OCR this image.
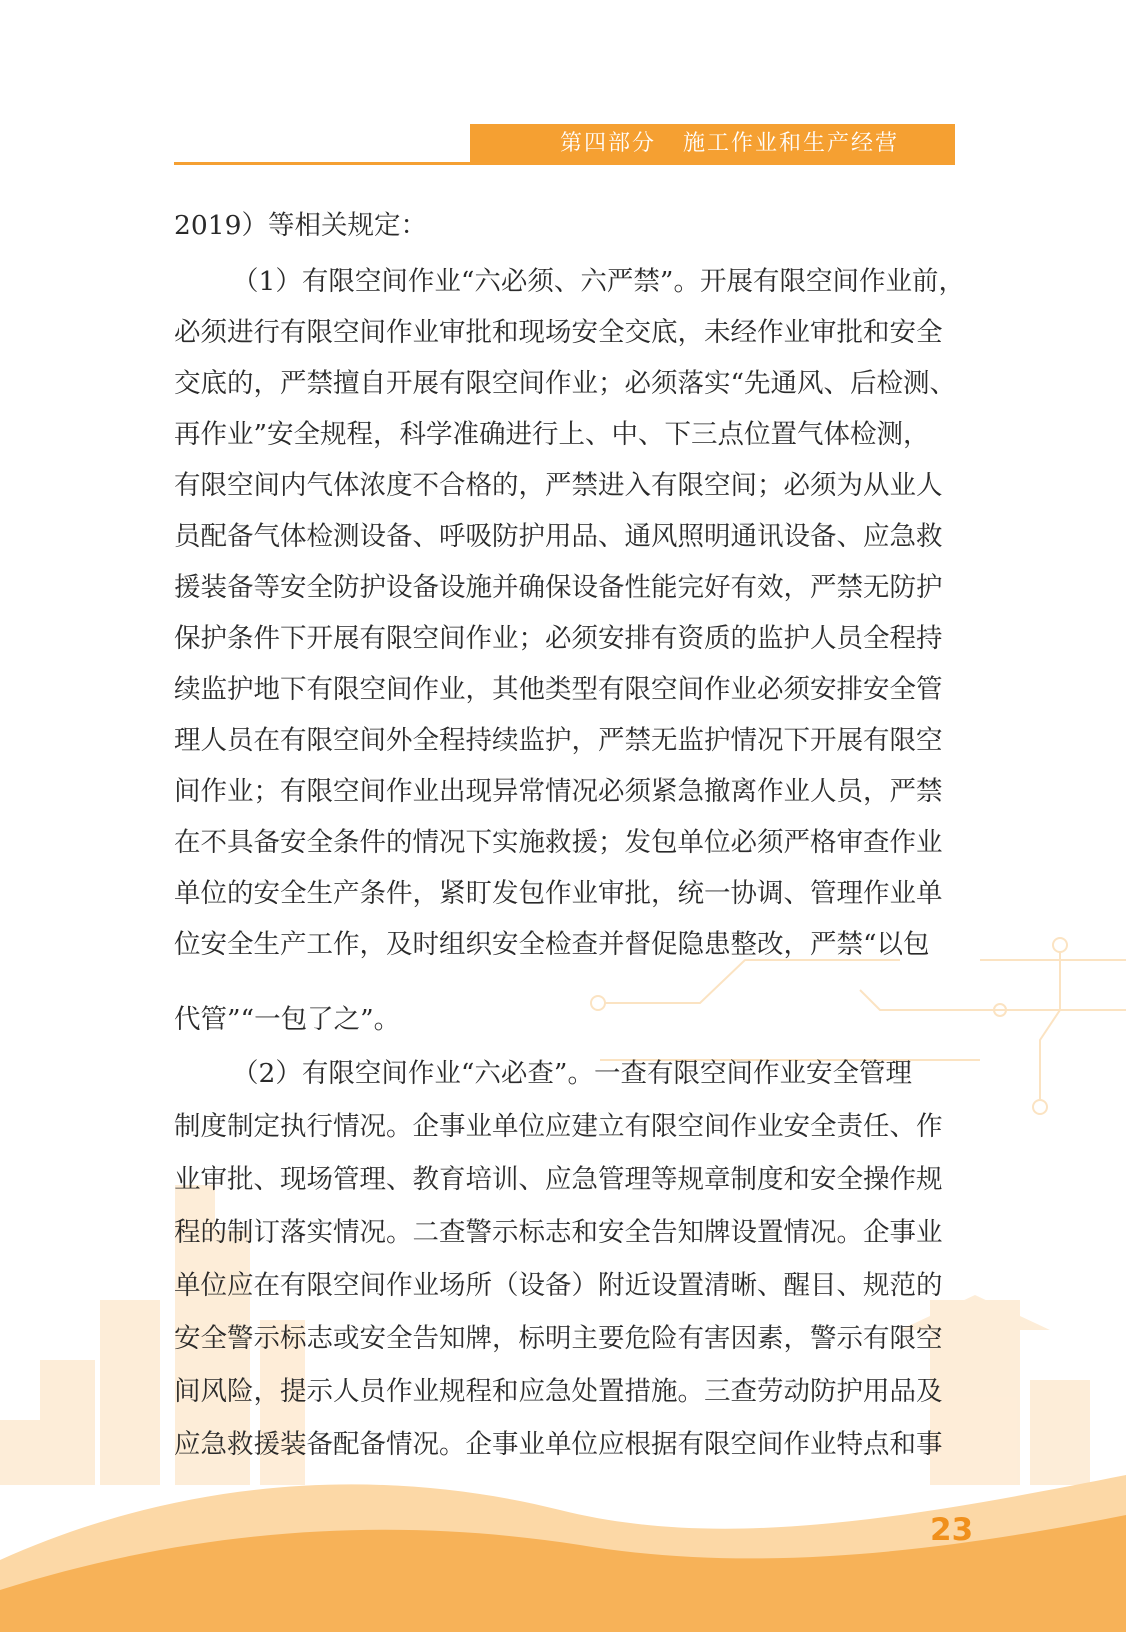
第四部分 施工作业和生产经营
2019）等相关规定：
（1）有限空间作业“六必须、六严禁”。开展有限空间作业前，
必须进行有限空间作业审批和现场安全交底，未经作业审批和安全
交底的，严禁擅自开展有限空间作业；必须落实“先通风、后检测、
再作业”安全规程，科学准确进行上、中、下三点位置气体检测，
有限空间内气体浓度不合格的，严禁进入有限空间；必须为从业人
员配备气体检测设备、呼吸防护用品、通风照明通讯设备、应急救
援装备等安全防护设备设施并确保设备性能完好有效，严禁无防护
保护条件下开展有限空间作业；必须安排有资质的监护人员全程持
续监护地下有限空间作业，其他类型有限空间作业必须安排安全管
理人员在有限空间外全程持续监护，严禁无监护情况下开展有限空
间作业；有限空间作业出现异常情况必须紧急撤离作业人员，严禁
在不具备安全条件的情况下实施救援；发包单位必须严格审查作业
单位的安全生产条件，紧盯发包作业审批，统一协调、管理作业单
位安全生产工作，及时组织安全检查并督促隐患整改，严禁“以包
代管”“一包了之”。
（2）有限空间作业“六必查”。一查有限空间作业安全管理
制度制定执行情况。企事业单位应建立有限空间作业安全责任、作
业审批、现场管理、教育培训、应急管理等规章制度和安全操作规
程的制订落实情况。二查警示标志和安全告知牌设置情况。企事业
单位应在有限空间作业场所（设备）附近设置清晰、醒目、规范的
安全警示标志或安全告知牌，标明主要危险有害因素，警示有限空
间风险，提示人员作业规程和应急处置措施。三查劳动防护用品及
应急救援装备配备情况。企事业单位应根据有限空间作业特点和事
23
